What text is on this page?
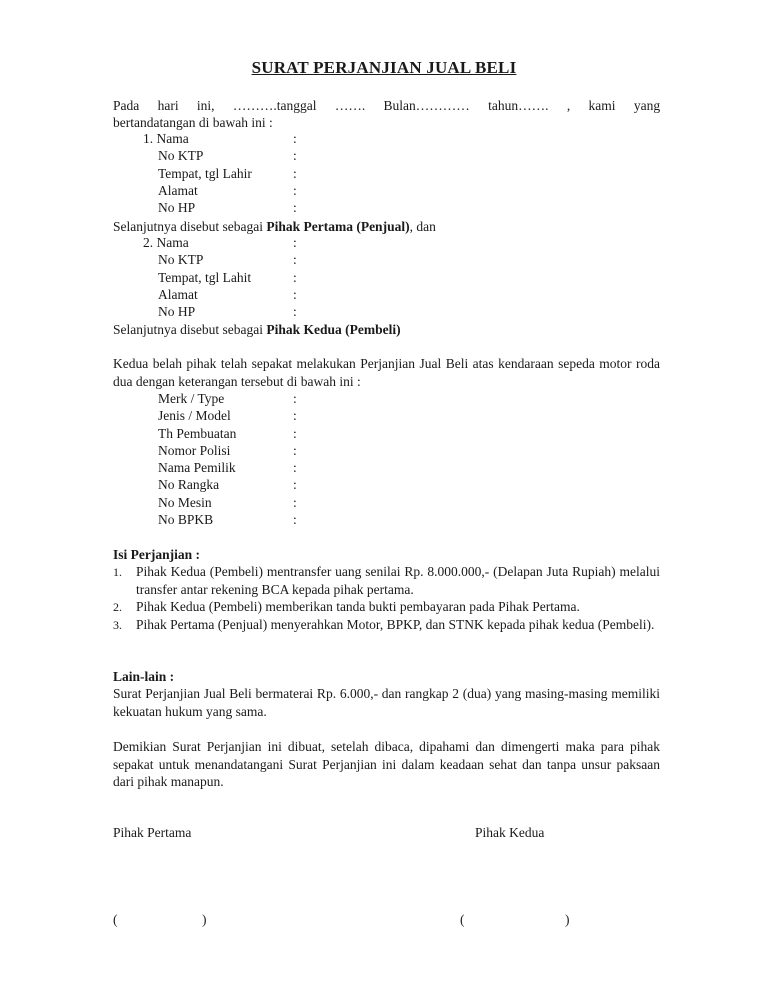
SURAT PERJANJIAN JUAL BELI
Pada hari ini, ……….tanggal ……. Bulan………… tahun……. , kami yang
bertandatangan di bawah ini :
1. Nama	:
No KTP	:
Tempat, tgl Lahir	:
Alamat	:
No HP	:
Selanjutnya disebut sebagai Pihak Pertama (Penjual), dan
2. Nama	:
No KTP	:
Tempat, tgl Lahit	:
Alamat	:
No HP	:
Selanjutnya disebut sebagai Pihak Kedua (Pembeli)
Kedua belah pihak telah sepakat melakukan Perjanjian Jual Beli atas kendaraan sepeda motor roda dua dengan keterangan tersebut di bawah ini :
Merk / Type	:
Jenis / Model	:
Th Pembuatan	:
Nomor Polisi	:
Nama Pemilik	:
No Rangka	:
No Mesin	:
No BPKB	:
Isi Perjanjian :
1. Pihak Kedua (Pembeli) mentransfer uang senilai Rp. 8.000.000,- (Delapan Juta Rupiah) melalui transfer antar rekening BCA kepada pihak pertama.
2. Pihak Kedua (Pembeli) memberikan tanda bukti pembayaran pada Pihak Pertama.
3. Pihak Pertama (Penjual) menyerahkan Motor, BPKP, dan STNK kepada pihak kedua (Pembeli).
Lain-lain :
Surat Perjanjian Jual Beli bermaterai Rp. 6.000,- dan rangkap 2 (dua) yang masing-masing memiliki kekuatan hukum yang sama.
Demikian Surat Perjanjian ini dibuat, setelah dibaca, dipahami dan dimengerti maka para pihak sepakat untuk menandatangani Surat Perjanjian ini dalam keadaan sehat dan tanpa unsur paksaan dari pihak manapun.
Pihak Pertama	Pihak Kedua
(	)	(	)
